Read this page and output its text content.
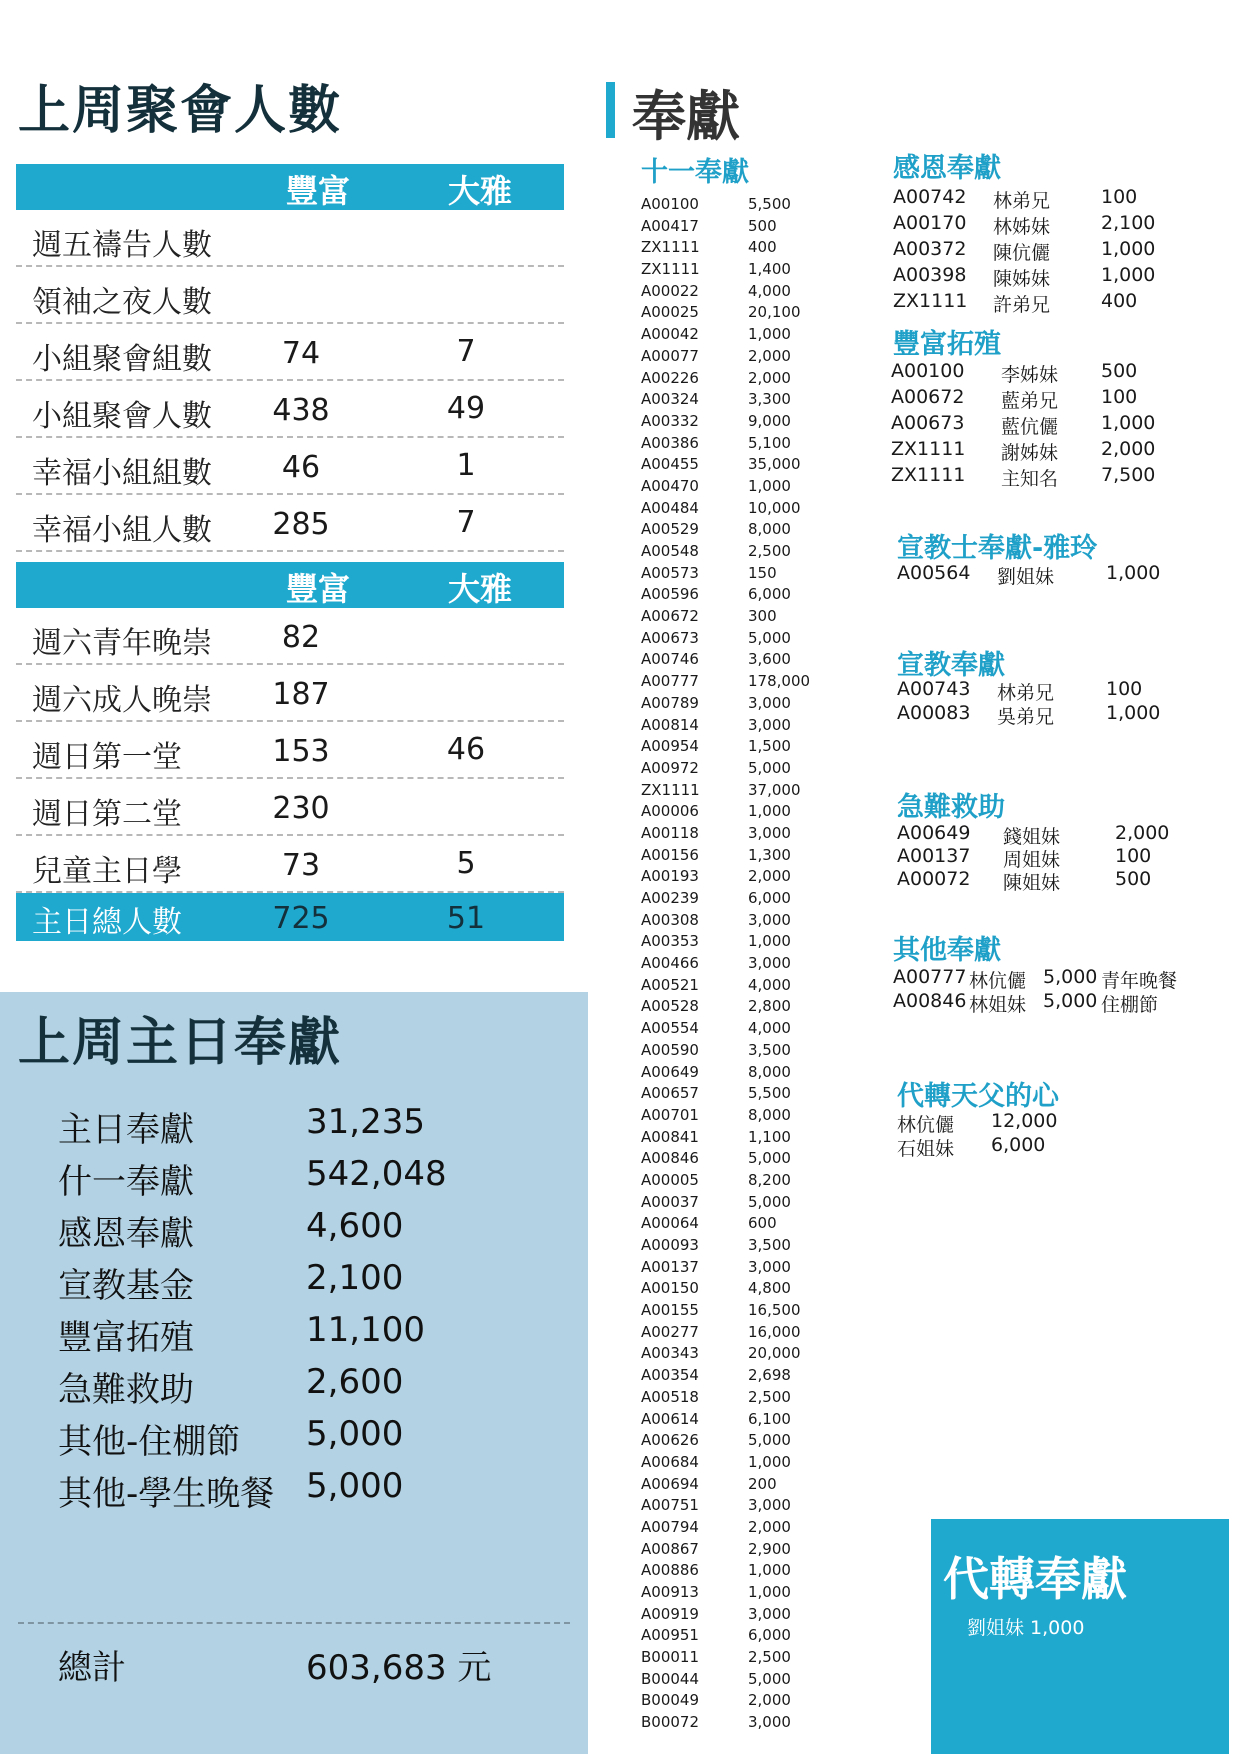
上周聚會人數
豐富	大雅
週五禱告人數
領袖之夜人數
小組聚會組數	74	7
小組聚會人數	438	49
幸福小組組數	46	1
幸福小組人數	285	7
豐富	大雅
週六青年晚崇	82
週六成人晚崇	187
週日第一堂	153	46
週日第二堂	230
兒童主日學	73	5
主日總人數	725	51
上周主日奉獻
主日奉獻	31,235
什一奉獻	542,048
感恩奉獻	4,600
宣教基金	2,100
豐富拓殖	11,100
急難救助	2,600
其他-住棚節 5,000
其他-學生晚餐 5,000
總計	603,683 元
奉獻
十一奉獻
A00100	5,500
A00417	500
ZX1111	400
ZX1111	1,400
A00022	4,000
A00025	20,100
A00042	1,000
A00077	2,000
A00226	2,000
A00324	3,300
A00332	9,000
A00386	5,100
A00455	35,000
A00470	1,000
A00484	10,000
A00529	8,000
A00548	2,500
A00573	150
A00596	6,000
A00672	300
A00673	5,000
A00746	3,600
A00777	178,000
A00789	3,000
A00814	3,000
A00954	1,500
A00972	5,000
ZX1111	37,000
A00006	1,000
A00118	3,000
A00156	1,300
A00193	2,000
A00239	6,000
A00308	3,000
A00353	1,000
A00466	3,000
A00521	4,000
A00528	2,800
A00554	4,000
A00590	3,500
A00649	8,000
A00657	5,500
A00701	8,000
A00841	1,100
A00846	5,000
A00005	8,200
A00037	5,000
A00064	600
A00093	3,500
A00137	3,000
A00150	4,800
A00155	16,500
A00277	16,000
A00343	20,000
A00354	2,698
A00518	2,500
A00614	6,100
A00626	5,000
A00684	1,000
A00694	200
A00751	3,000
A00794	2,000
A00867	2,900
A00886	1,000
A00913	1,000
A00919	3,000
A00951	6,000
B00011	2,500
B00044	5,000
B00049	2,000
B00072	3,000
感恩奉獻
A00742 林弟兄	100
A00170 林姊妹	2,100
A00372 陳伉儷	1,000
A00398 陳姊妹	1,000
ZX1111 許弟兄	400
豐富拓殖
A00100 李姊妹 500
A00672 藍弟兄 100
A00673 藍伉儷 1,000
ZX1111 謝姊妹 2,000
ZX1111 主知名 7,500
宣教士奉獻-雅玲
A00564 劉姐妹	1,000
宣教奉獻
A00743 林弟兄	100
A00083 吳弟兄	1,000
急難救助
A00649 錢姐妹	2,000
A00137 周姐妹	100
A00072 陳姐妹	500
其他奉獻
A00777 林伉儷 5,000 青年晚餐
A00846 林姐妹 5,000 住棚節
代轉天父的心
林伉儷 12,000
石姐妹 6,000
代轉奉獻
劉姐妹 1,000
